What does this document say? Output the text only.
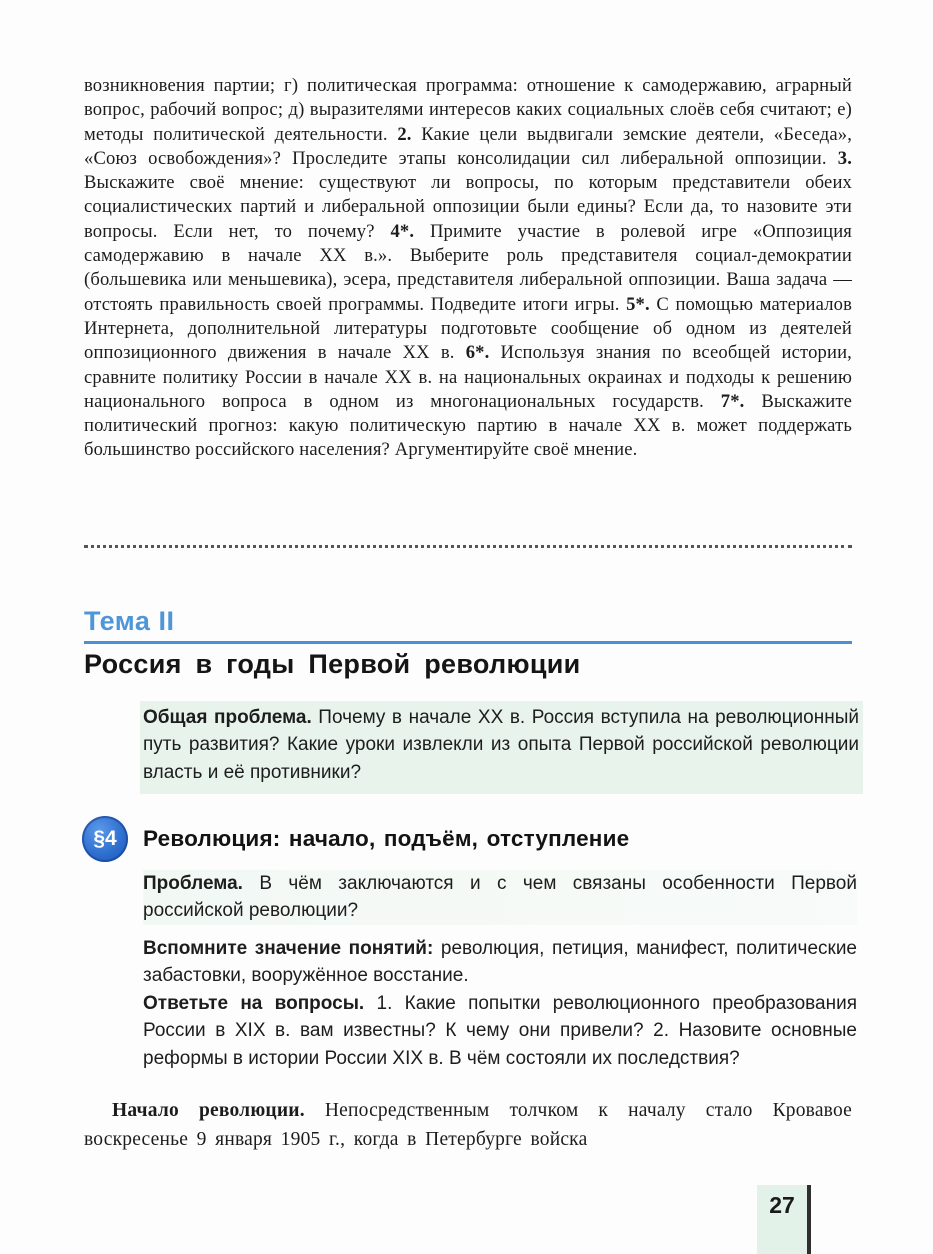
возникновения партии; г) политическая программа: отношение к самодержавию, аграрный вопрос, рабочий вопрос; д) выразителями интересов каких социальных слоёв себя считают; е) методы политической деятельности. 2. Какие цели выдвигали земские деятели, «Беседа», «Союз освобождения»? Проследите этапы консолидации сил либеральной оппозиции. 3. Выскажите своё мнение: существуют ли вопросы, по которым представители обеих социалистических партий и либеральной оппозиции были едины? Если да, то назовите эти вопросы. Если нет, то почему? 4*. Примите участие в ролевой игре «Оппозиция самодержавию в начале XX в.». Выберите роль представителя социал-демократии (большевика или меньшевика), эсера, представителя либеральной оппозиции. Ваша задача — отстоять правильность своей программы. Подведите итоги игры. 5*. С помощью материалов Интернета, дополнительной литературы подготовьте сообщение об одном из деятелей оппозиционного движения в начале XX в. 6*. Используя знания по всеобщей истории, сравните политику России в начале XX в. на национальных окраинах и подходы к решению национального вопроса в одном из многонациональных государств. 7*. Выскажите политический прогноз: какую политическую партию в начале XX в. может поддержать большинство российского населения? Аргументируйте своё мнение.
Тема II
Россия в годы Первой революции
Общая проблема. Почему в начале XX в. Россия вступила на революционный путь развития? Какие уроки извлекли из опыта Первой российской революции власть и её противники?
§4	Революция: начало, подъём, отступление
Проблема. В чём заключаются и с чем связаны особенности Первой российской революции?
Вспомните значение понятий: революция, петиция, манифест, политические забастовки, вооружённое восстание.
Ответьте на вопросы. 1. Какие попытки революционного преобразования России в XIX в. вам известны? К чему они привели? 2. Назовите основные реформы в истории России XIX в. В чём состояли их последствия?
Начало революции. Непосредственным толчком к началу стало Кровавое воскресенье 9 января 1905 г., когда в Петербурге войска
27
